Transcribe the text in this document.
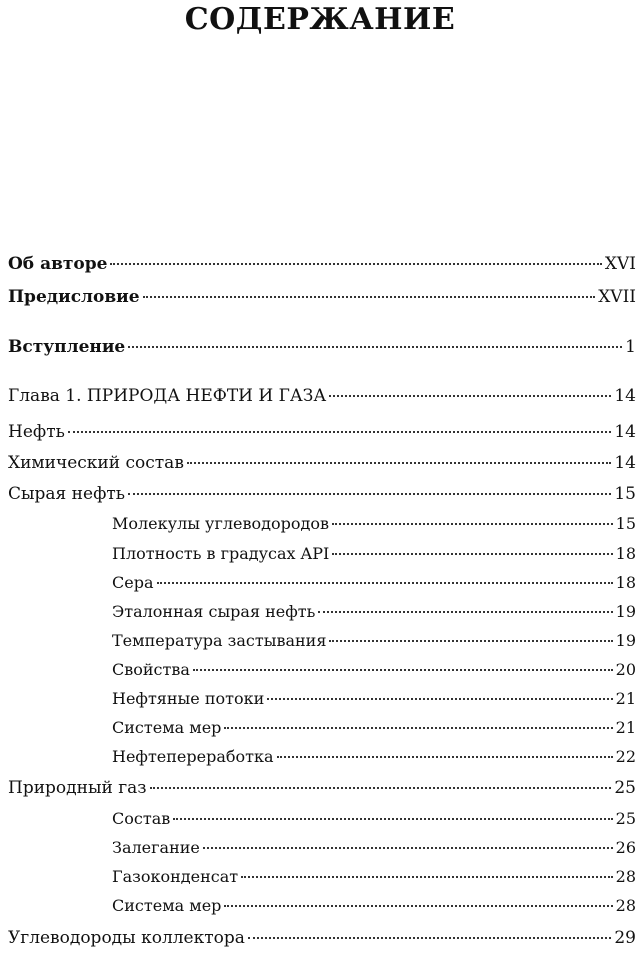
СОДЕРЖАНИЕ
Об авторе	XVI
Предисловие	XVII
Вступление	1
Глава 1. ПРИРОДА НЕФТИ И ГАЗА	14
Нефть	14
Химический состав	14
Сырая нефть	15
Молекулы углеводородов	15
Плотность в градусах API	18
Сера	18
Эталонная сырая нефть	19
Температура застывания	19
Свойства	20
Нефтяные потоки	21
Система мер	21
Нефтепереработка	22
Природный газ	25
Состав	25
Залегание	26
Газоконденсат	28
Система мер	28
Углеводороды коллектора	29
